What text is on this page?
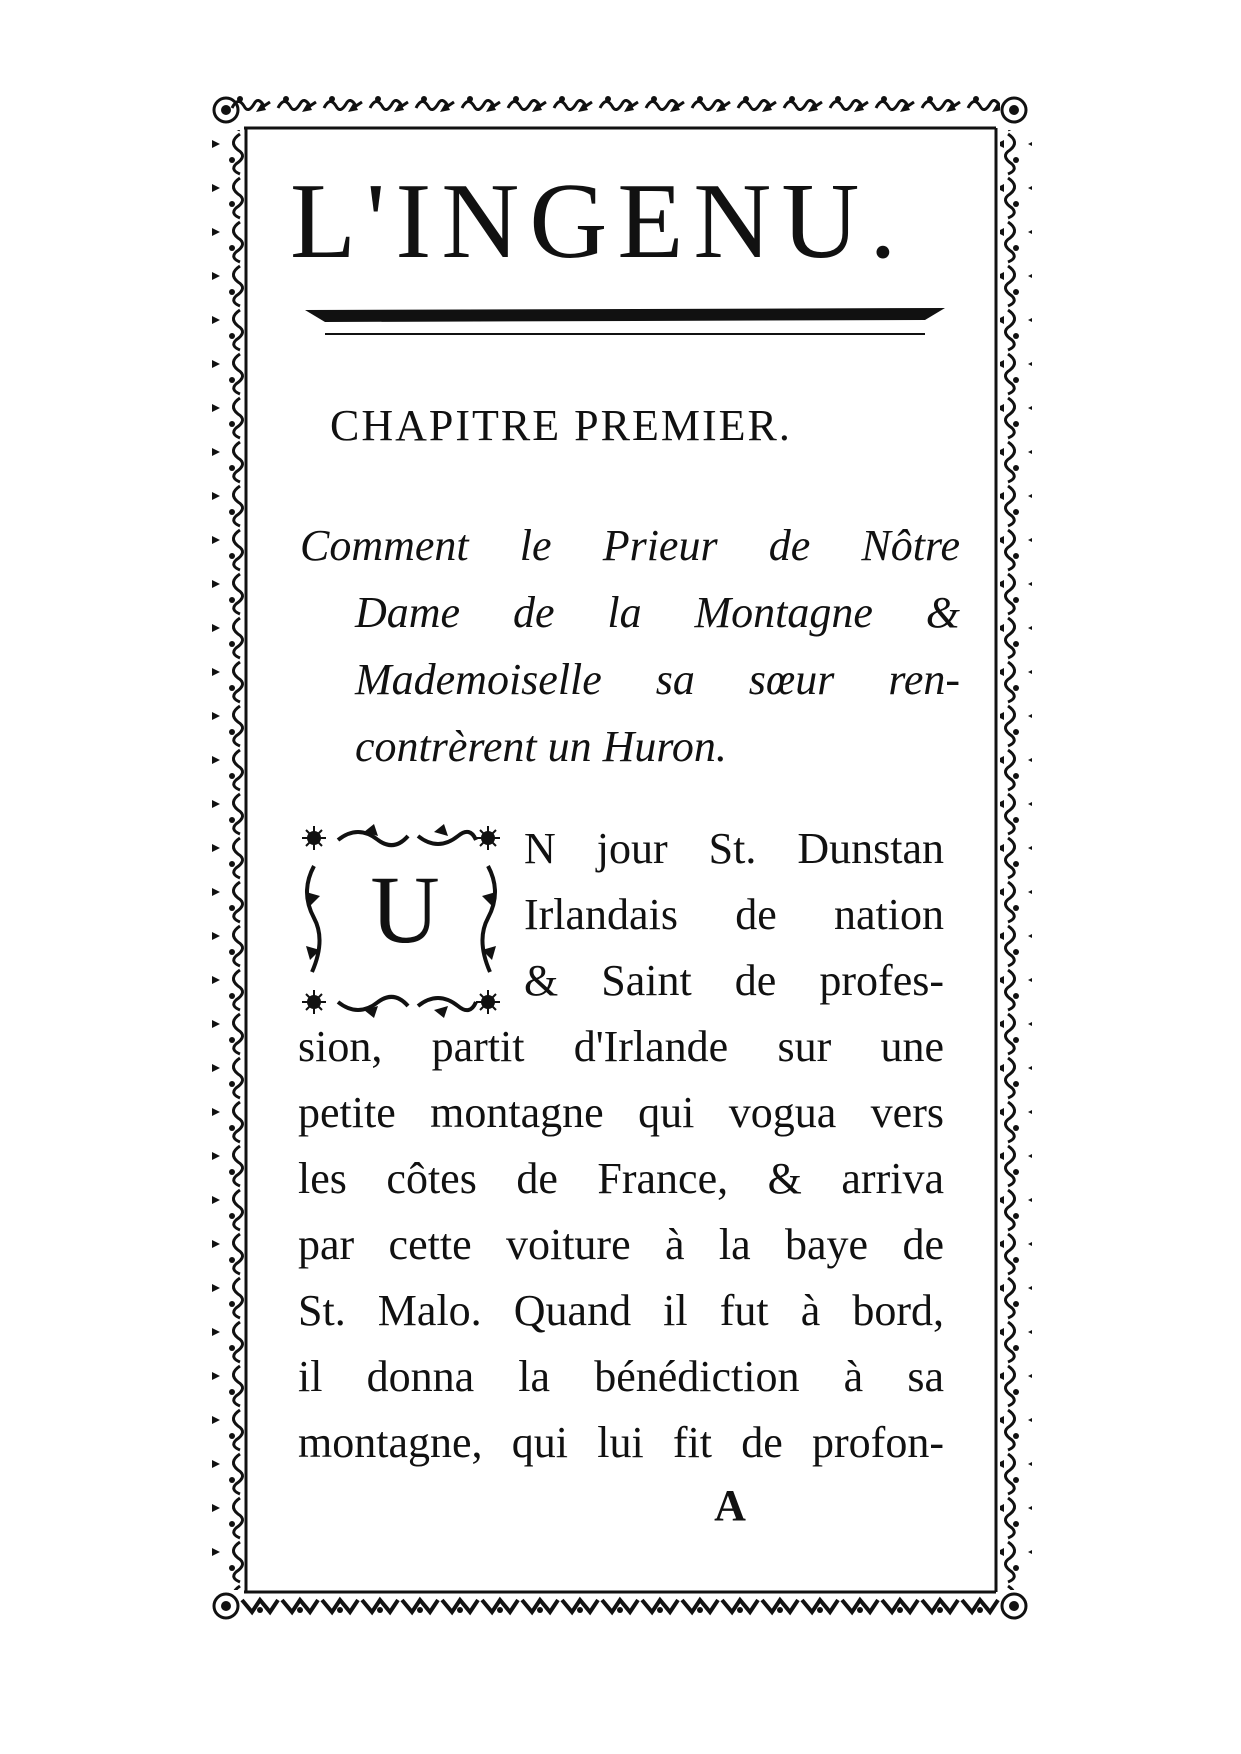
L'INGENU.
CHAPITRE PREMIER.

Comment le Prieur de Nôtre
Dame de la Montagne &
Mademoiselle sa sœur ren-
contrèrent un Huron.

U
N jour St. Dunstan
Irlandais de nation
& Saint de profes-
sion, partit d'Irlande sur une
petite montagne qui vogua vers
les côtes de France, & arriva
par cette voiture à la baye de
St. Malo. Quand il fut à bord,
il donna la bénédiction à sa
montagne, qui lui fit de profon-
A
